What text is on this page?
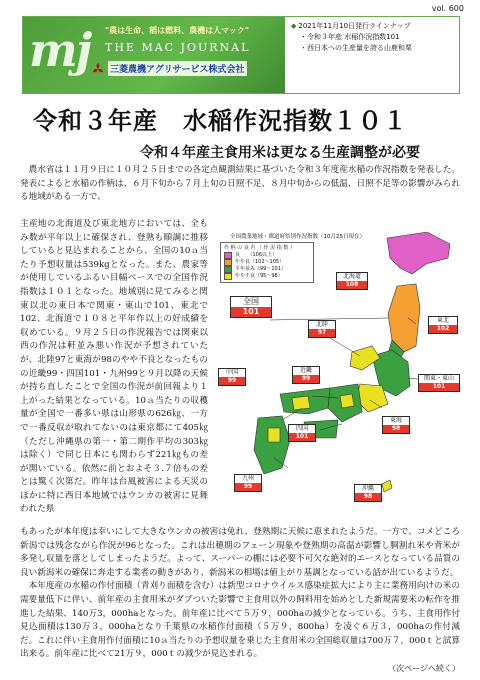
vol. 600
mj "農は生命、稲は燃料、農機は人マック"
THE MAC JOURNAL
三菱農機アグリサービス株式会社
◆ 2021年11月10日発行ラインナップ
・令和３年産 水稲作況指数101
・西日本への生産量を誇る山鹿和栗
令和３年産　水稲作況指数１０１
令和４年産主食用米は更なる生産調整が必要

農水省は１１月９日に１０月２５日までの各定点観測結果に基づいた令和３年度産水稲の作況指数を発表した。発表によると水稲の作柄は、６月下旬から７月上旬の日照不足、８月中旬からの低温、日照不足等の影響がみられる地域がある一方で、

主産地の北海道及び東北地方においては、全もみ数が平年以上に確保され、登熟も順調に推移していると見込まれることから、全国の10ａ当たり予想収量は539kgとなった。また、農家等が使用しているふるい目幅ベースでの全国作況指数は１０１となった。地域別に見てみると関東以北の東日本で関東・東山で101、東北で102、北海道で１０８と平年作以上の好成績を収めている。９月２５日の作況報告では関東以西の作況は軒並み悪い作況が予想されていたが、北陸97と東海が98のやや不良となったものの近畿99・四国101・九州99と９月以降の天候が持ち直したことで全国の作況が前回報より１上がった結果となっている。10ａ当たりの収穫量が全国で一番多い県は山形県の626㎏、一方で一番反収が取れてないのは東京都にて405㎏（ただし沖縄県の第一・第二期作平均の303㎏は除く）で同じ日本にも関わらず221㎏もの差が開いている。依然に前とおよそ３.７倍もの差とは驚く次第だ。昨年は台風被害による天災のほかに特に西日本地域ではウンカの被害に見舞われた県

全国農業地域・都道府県別作況指数（10月25日現在）
作 柄 の 良 否 （ 作 況 指 数 ）
良　　（106以上）
やや良（102〜105）
平年並み（99〜101）
やや不良（95〜98）
全国
101
北海道
108
東北
102
北陸
97
関東・東山
101
東海
98
近畿
99
中国
99
四国
101
九州
99	沖縄
98

もあったが本年度は幸いにして大きなウンカの被害は免れ、登熟期に天候に恵まれたようだ。一方で、コメどころ新潟では残念ながら作況が96となった。これは出穂期のフェーン現象や登熟期の高温が影響し胴割れ米や背米が多発し収量を落としてしまったようだ。よって、スーパーの棚には必要不可欠な絶対的エースとなっている品質の良い新潟米の確保に奔走する業者の動きがあり、新潟米の相場は値上がり基調となっている話が出ているようだ。

本年度産の水稲の作付面積（青刈り面積を含む）は新型コロナウイルス感染症拡大により主に業務用向けの米の需要量低下に伴い、前年産の主食用米がダブついた影響で主食用以外の飼料用を始めとした新規需要米の転作を推進した結果、140万3，000haとなった。前年産に比べて５万９，000haの減少となっている。うち、主食用作付見込面積は130万３，000haとなり千葉県の水稲作付面積（５万９，800ha）を凌ぐ６万３，000haの作付減だ。これに伴い主食用作付面積に10ａ当たりの予想収量を乗じた主食用米の全国総収量は700万７，000ｔと試算出来る。前年産に比べて21万９，000ｔの減少が見込まれる。

（次ページへ続く）
